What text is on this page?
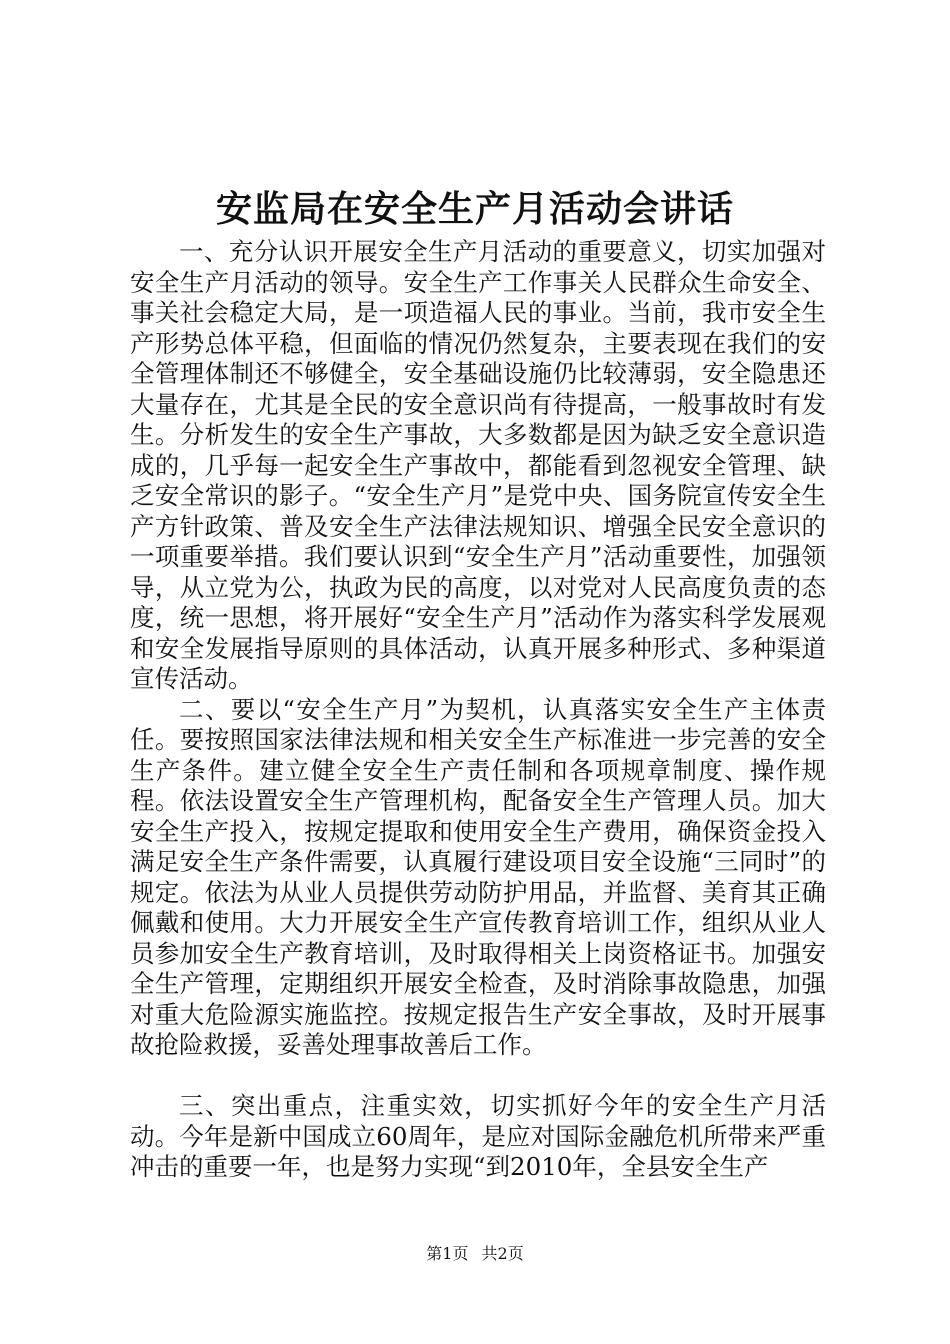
安监局在安全生产月活动会讲话

一、充分认识开展安全生产月活动的重要意义，切实加强对安全生产月活动的领导。安全生产工作事关人民群众生命安全、事关社会稳定大局，是一项造福人民的事业。当前，我市安全生产形势总体平稳，但面临的情况仍然复杂，主要表现在我们的安全管理体制还不够健全，安全基础设施仍比较薄弱，安全隐患还大量存在，尤其是全民的安全意识尚有待提高，一般事故时有发生。分析发生的安全生产事故，大多数都是因为缺乏安全意识造成的，几乎每一起安全生产事故中，都能看到忽视安全管理、缺乏安全常识的影子。“安全生产月”是党中央、国务院宣传安全生产方针政策、普及安全生产法律法规知识、增强全民安全意识的一项重要举措。我们要认识到“安全生产月”活动重要性，加强领导，从立党为公，执政为民的高度，以对党对人民高度负责的态度，统一思想，将开展好“安全生产月”活动作为落实科学发展观和安全发展指导原则的具体活动，认真开展多种形式、多种渠道宣传活动。

二、要以“安全生产月”为契机，认真落实安全生产主体责任。要按照国家法律法规和相关安全生产标准进一步完善的安全生产条件。建立健全安全生产责任制和各项规章制度、操作规程。依法设置安全生产管理机构，配备安全生产管理人员。加大安全生产投入，按规定提取和使用安全生产费用，确保资金投入满足安全生产条件需要，认真履行建设项目安全设施“三同时”的规定。依法为从业人员提供劳动防护用品，并监督、美育其正确佩戴和使用。大力开展安全生产宣传教育培训工作，组织从业人员参加安全生产教育培训，及时取得相关上岗资格证书。加强安全生产管理，定期组织开展安全检查，及时消除事故隐患，加强对重大危险源实施监控。按规定报告生产安全事故，及时开展事故抢险救援，妥善处理事故善后工作。

三、突出重点，注重实效，切实抓好今年的安全生产月活动。今年是新中国成立60周年，是应对国际金融危机所带来严重冲击的重要一年，也是努力实现“到2010年，全县安全生产

第1页 共2页
